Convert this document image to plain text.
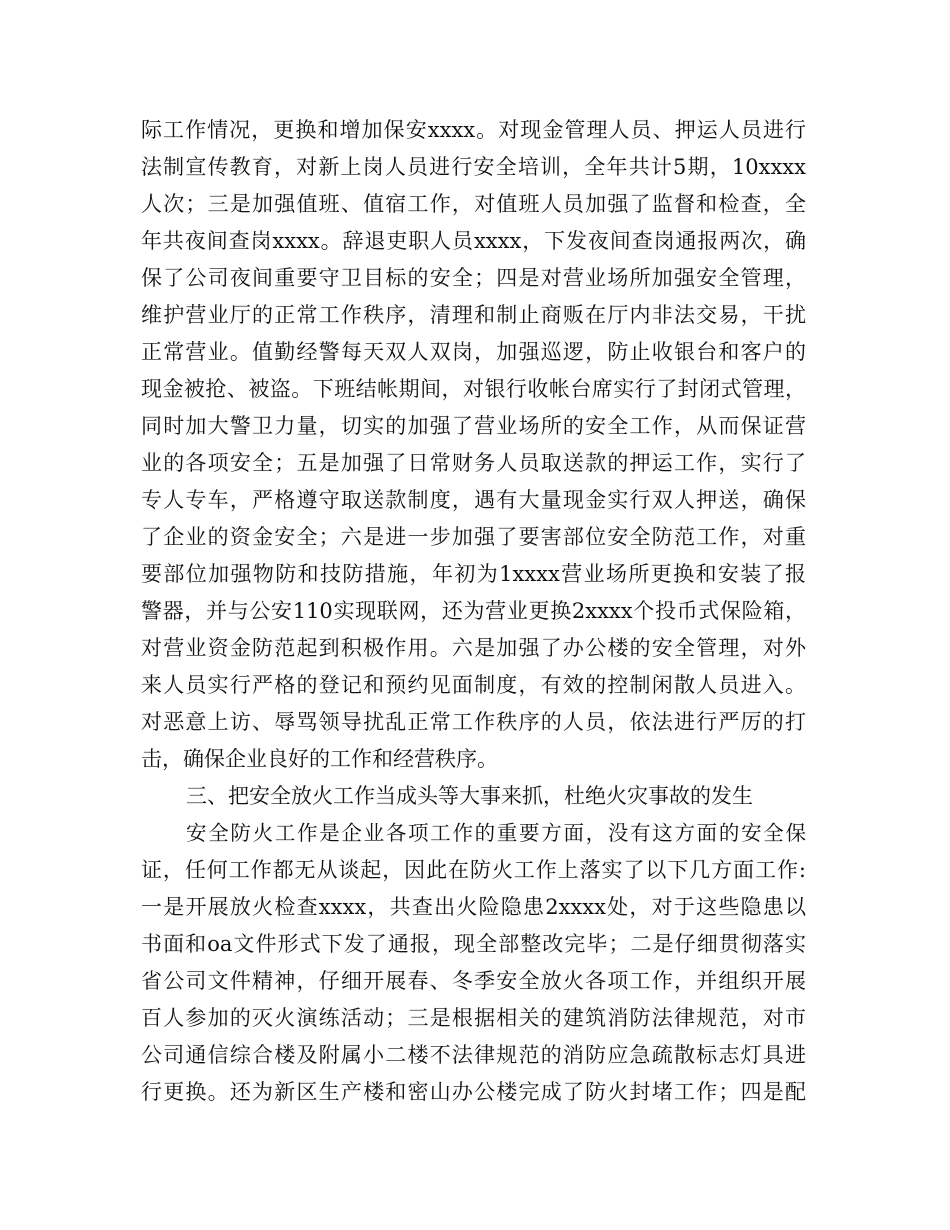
际工作情况，更换和增加保安xxxx。对现金管理人员、押运人员进行
法制宣传教育，对新上岗人员进行安全培训，全年共计5期，10xxxx
人次；三是加强值班、值宿工作，对值班人员加强了监督和检查，全
年共夜间查岗xxxx。辞退吏职人员xxxx，下发夜间查岗通报两次，确
保了公司夜间重要守卫目标的安全；四是对营业场所加强安全管理，
维护营业厅的正常工作秩序，清理和制止商贩在厅内非法交易，干扰
正常营业。值勤经警每天双人双岗，加强巡逻，防止收银台和客户的
现金被抢、被盗。下班结帐期间，对银行收帐台席实行了封闭式管理，
同时加大警卫力量，切实的加强了营业场所的安全工作，从而保证营
业的各项安全；五是加强了日常财务人员取送款的押运工作，实行了
专人专车，严格遵守取送款制度，遇有大量现金实行双人押送，确保
了企业的资金安全；六是进一步加强了要害部位安全防范工作，对重
要部位加强物防和技防措施，年初为1xxxx营业场所更换和安装了报
警器，并与公安110实现联网，还为营业更换2xxxx个投币式保险箱，
对营业资金防范起到积极作用。六是加强了办公楼的安全管理，对外
来人员实行严格的登记和预约见面制度，有效的控制闲散人员进入。
对恶意上访、辱骂领导扰乱正常工作秩序的人员，依法进行严厉的打
击，确保企业良好的工作和经营秩序。
三、把安全放火工作当成头等大事来抓，杜绝火灾事故的发生
安全防火工作是企业各项工作的重要方面，没有这方面的安全保
证，任何工作都无从谈起，因此在防火工作上落实了以下几方面工作:
一是开展放火检查xxxx，共查出火险隐患2xxxx处，对于这些隐患以
书面和oa文件形式下发了通报，现全部整改完毕；二是仔细贯彻落实
省公司文件精神，仔细开展春、冬季安全放火各项工作，并组织开展
百人参加的灭火演练活动；三是根据相关的建筑消防法律规范，对市
公司通信综合楼及附属小二楼不法律规范的消防应急疏散标志灯具进
行更换。还为新区生产楼和密山办公楼完成了防火封堵工作；四是配
